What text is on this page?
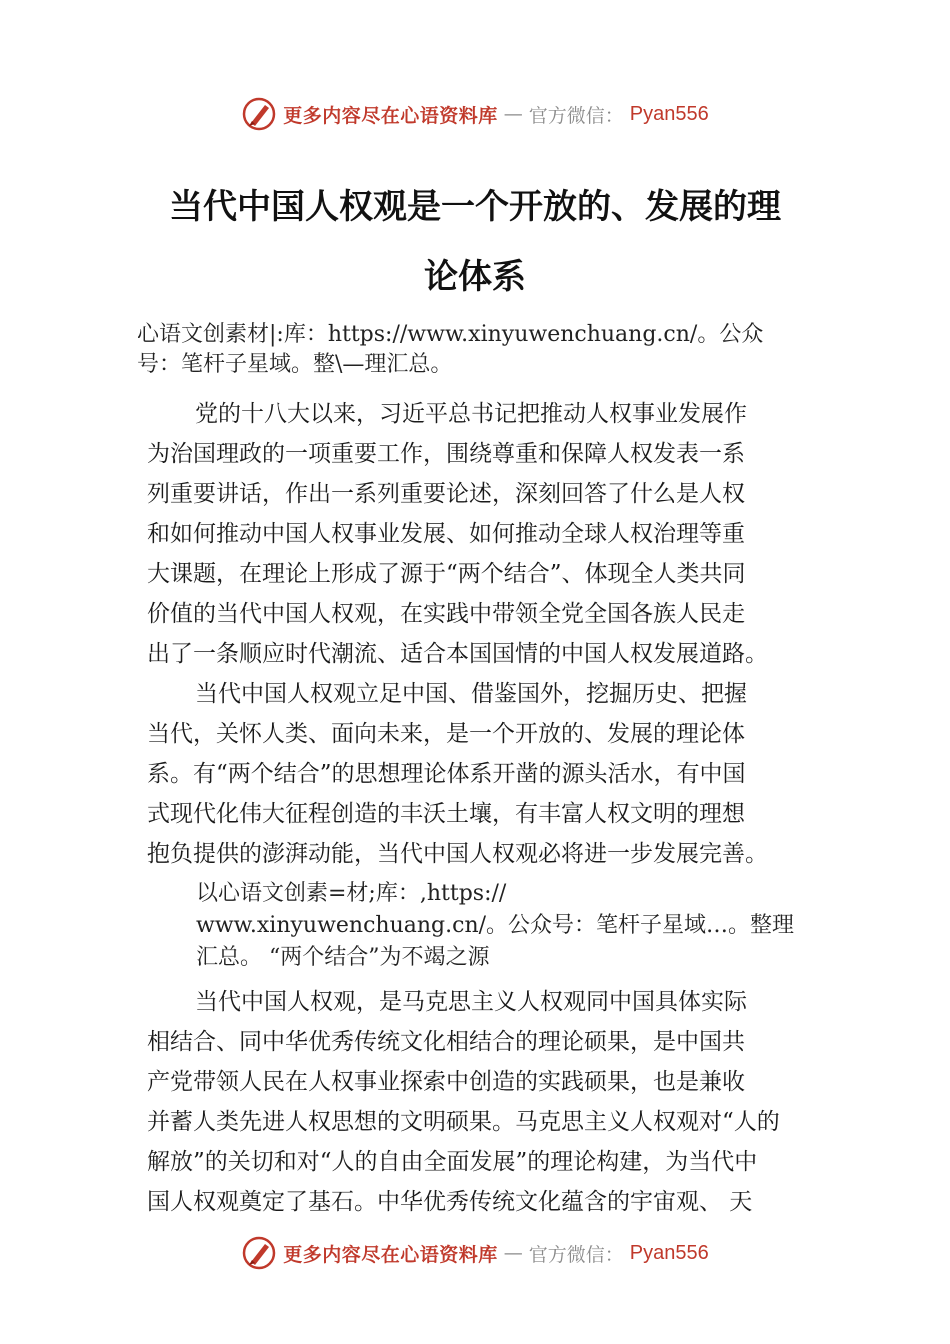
更多内容尽在心语资料库 — 官方微信： Pyan556
当代中国人权观是一个开放的、发展的理
论体系
心语文创素材|:库：https://www.xinyuwenchuang.cn/。公众
号：笔杆子星域。整\—理汇总。
党的十八大以来，习近平总书记把推动人权事业发展作
为治国理政的一项重要工作，围绕尊重和保障人权发表一系
列重要讲话，作出一系列重要论述，深刻回答了什么是人权
和如何推动中国人权事业发展、如何推动全球人权治理等重
大课题，在理论上形成了源于“两个结合”、体现全人类共同
价值的当代中国人权观，在实践中带领全党全国各族人民走
出了一条顺应时代潮流、适合本国国情的中国人权发展道路。
当代中国人权观立足中国、借鉴国外，挖掘历史、把握
当代，关怀人类、面向未来，是一个开放的、发展的理论体
系。有“两个结合”的思想理论体系开凿的源头活水，有中国
式现代化伟大征程创造的丰沃土壤，有丰富人权文明的理想
抱负提供的澎湃动能，当代中国人权观必将进一步发展完善。
以心语文创素=材;库：,https://
www.xinyuwenchuang.cn/。公众号：笔杆子星域…。整理
汇总。 “两个结合”为不竭之源
当代中国人权观，是马克思主义人权观同中国具体实际
相结合、同中华优秀传统文化相结合的理论硕果，是中国共
产党带领人民在人权事业探索中创造的实践硕果，也是兼收
并蓄人类先进人权思想的文明硕果。马克思主义人权观对“人的
解放”的关切和对“人的自由全面发展”的理论构建，为当代中
国人权观奠定了基石。中华优秀传统文化蕴含的宇宙观、 天
更多内容尽在心语资料库 — 官方微信： Pyan556
